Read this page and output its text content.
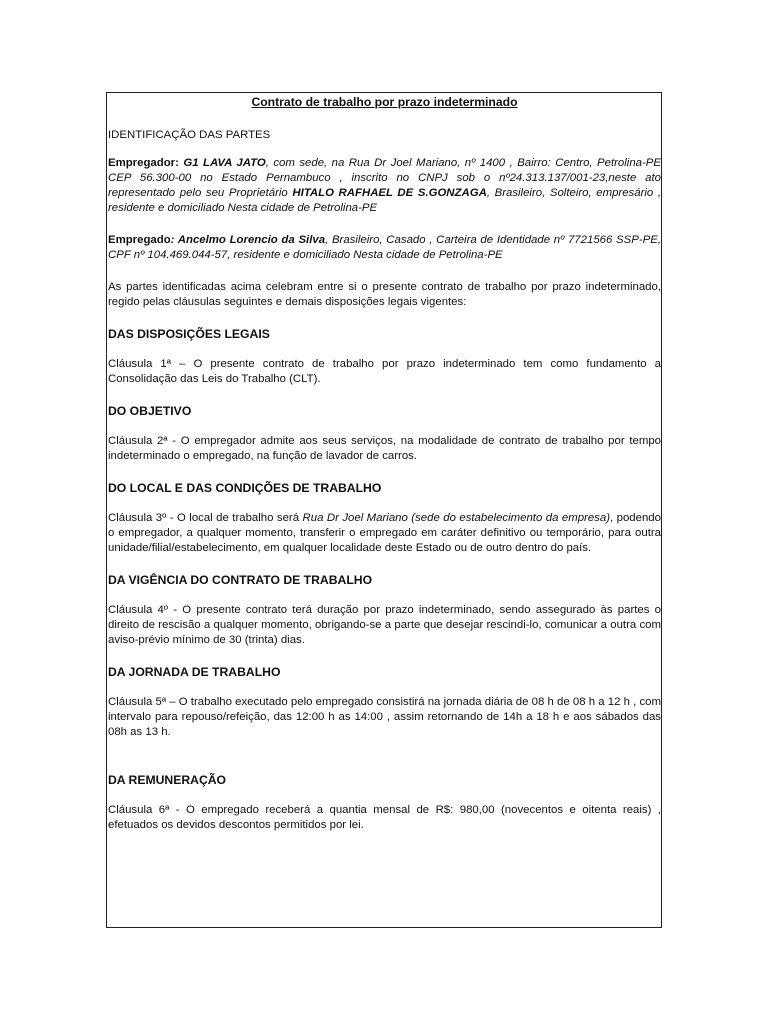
Contrato de trabalho por prazo indeterminado

IDENTIFICAÇÃO DAS PARTES

Empregador: G1 LAVA JATO, com sede, na Rua Dr Joel Mariano, nº 1400 , Bairro: Centro, Petrolina-PE CEP 56.300-00 no Estado Pernambuco , inscrito no CNPJ sob o nº24.313.137/001-23,neste ato representado pelo seu Proprietário HITALO RAFHAEL DE S.GONZAGA, Brasileiro, Solteiro, empresário , residente e domiciliado Nesta cidade de Petrolina-PE

Empregado: Ancelmo Lorencio da Silva, Brasileiro, Casado , Carteira de Identidade nº 7721566 SSP-PE, CPF nº 104.469.044-57, residente e domiciliado Nesta cidade de Petrolina-PE

As partes identificadas acima celebram entre si o presente contrato de trabalho por prazo indeterminado, regido pelas cláusulas seguintes e demais disposições legais vigentes:

DAS DISPOSIÇÕES LEGAIS

Cláusula 1ª – O presente contrato de trabalho por prazo indeterminado tem como fundamento a Consolidação das Leis do Trabalho (CLT).

DO OBJETIVO

Cláusula 2ª - O empregador admite aos seus serviços, na modalidade de contrato de trabalho por tempo indeterminado o empregado, na função de lavador de carros.

DO LOCAL E DAS CONDIÇÕES DE TRABALHO

Cláusula 3º - O local de trabalho será Rua Dr Joel Mariano (sede do estabelecimento da empresa), podendo o empregador, a qualquer momento, transferir o empregado em caráter definitivo ou temporário, para outra unidade/filial/estabelecimento, em qualquer localidade deste Estado ou de outro dentro do país.

DA VIGÊNCIA DO CONTRATO DE TRABALHO

Cláusula 4º - O presente contrato terá duração por prazo indeterminado, sendo assegurado às partes o direito de rescisão a qualquer momento, obrigando-se a parte que desejar rescindi-lo, comunicar a outra com aviso-prévio mínimo de 30 (trinta) dias.

DA JORNADA DE TRABALHO

Cláusula 5ª – O trabalho executado pelo empregado consistirá na jornada diária de 08 h de 08 h a 12 h , com intervalo para repouso/refeição, das 12:00 h as 14:00 , assim retornando de 14h a 18 h e aos sábados das 08h as 13 h.

DA REMUNERAÇÃO

Cláusula 6ª - O empregado receberá a quantia mensal de R$: 980,00 (novecentos e oitenta reais) , efetuados os devidos descontos permitidos por lei.
